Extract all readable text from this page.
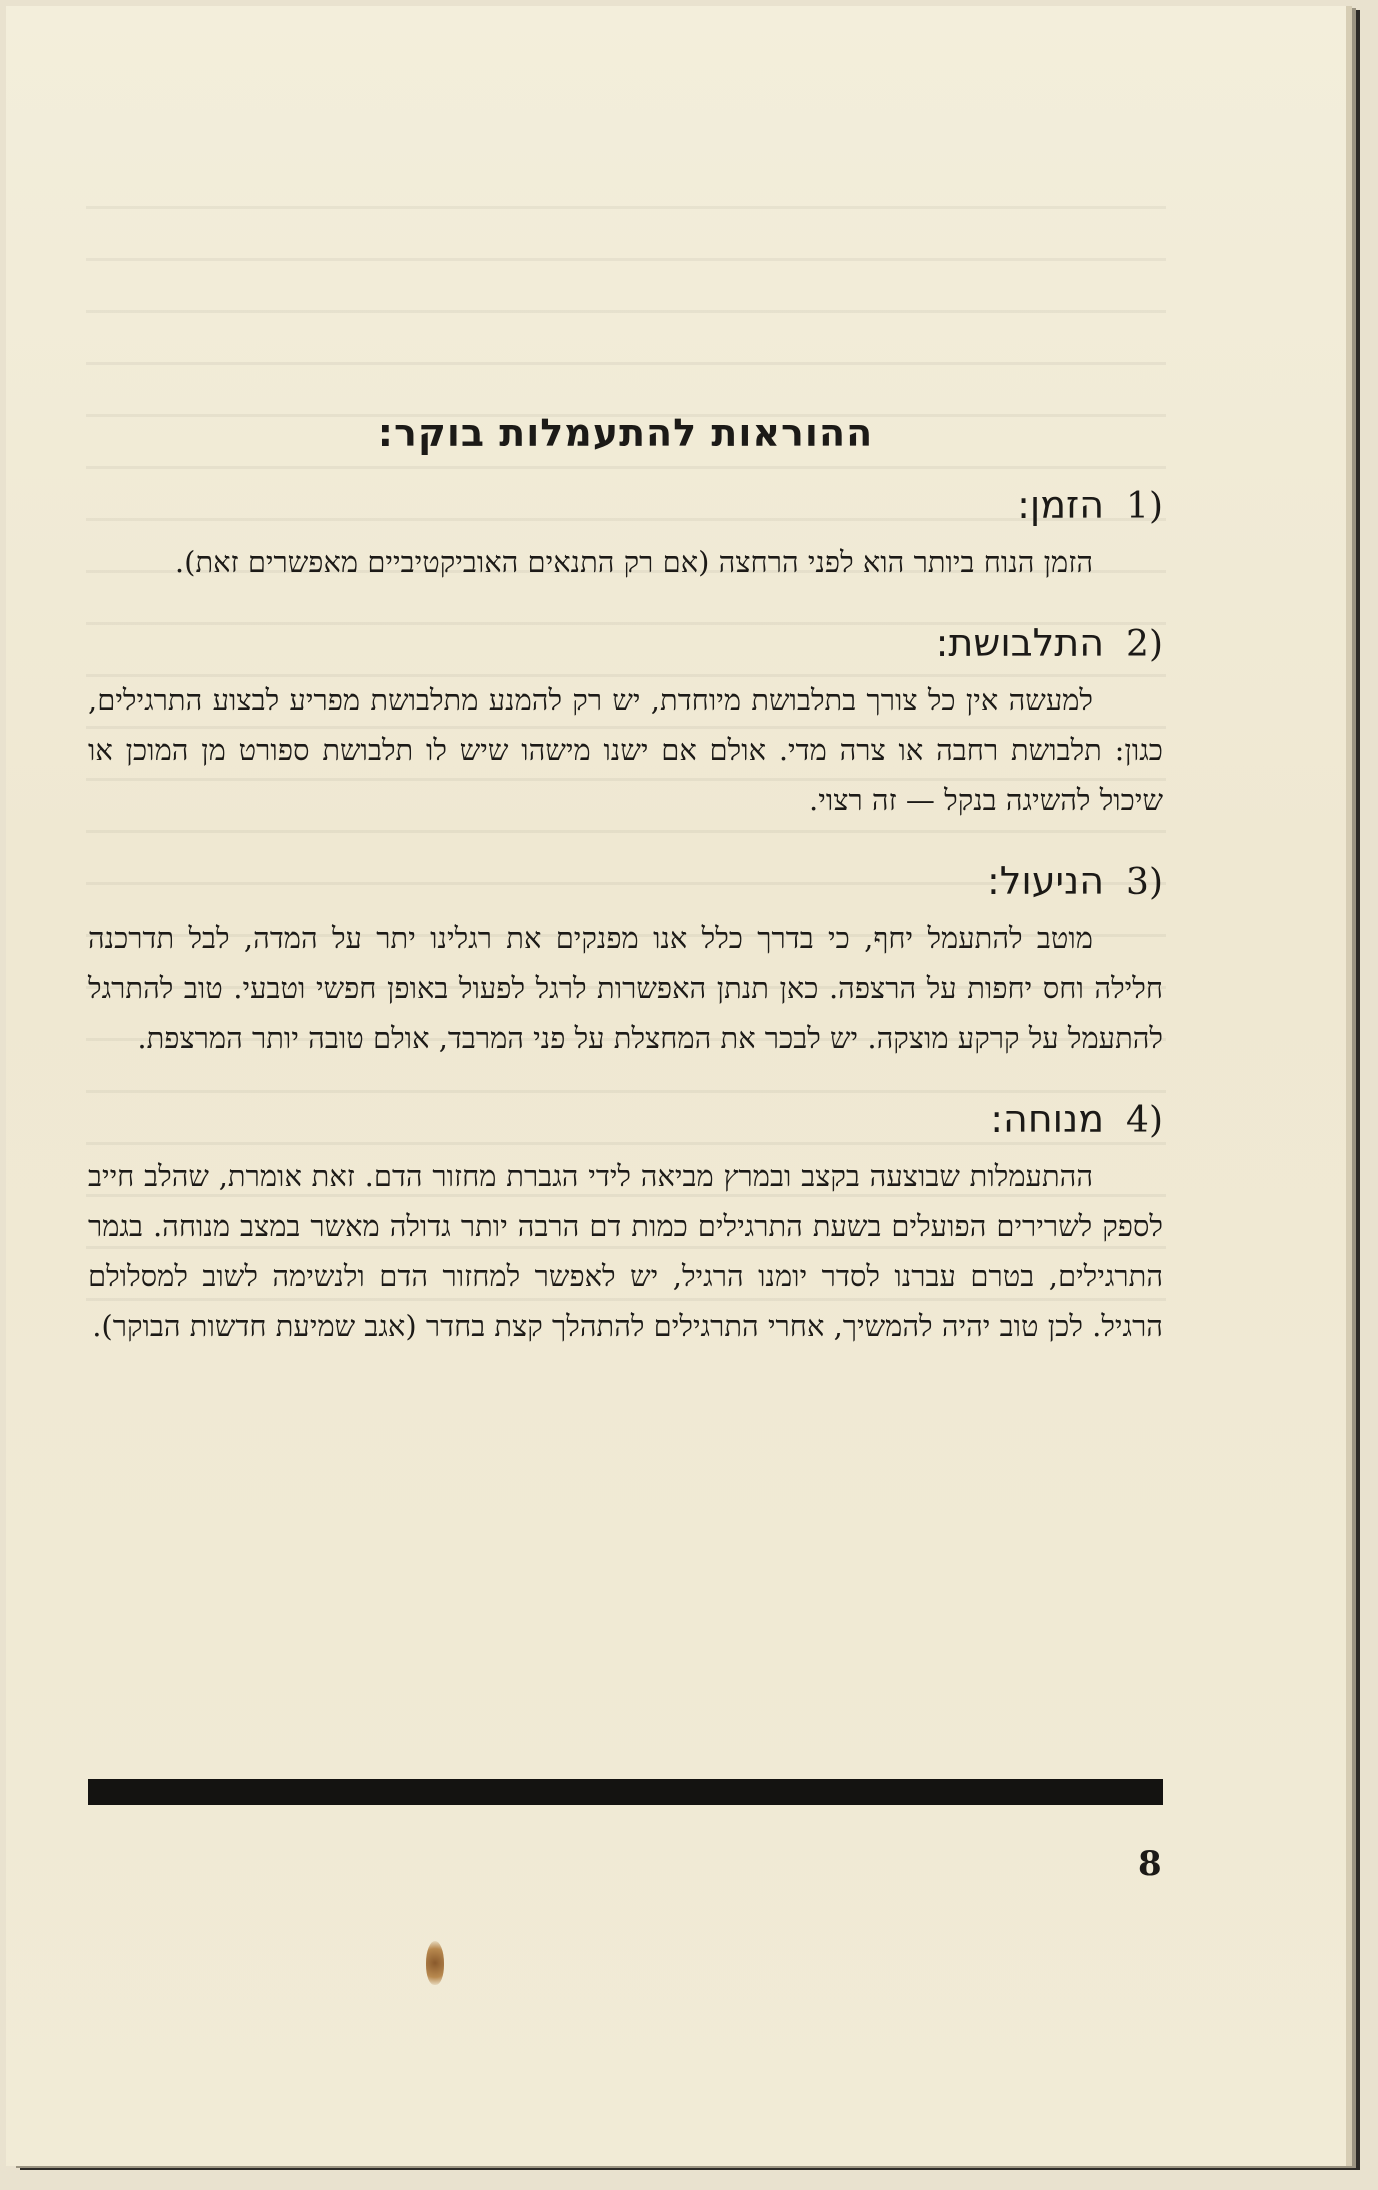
ההוראות להתעמלות בוקר:
(1
הזמן:

הזמן הנוח ביותר הוא לפני הרחצה (אם רק התנאים האוביקטיביים מאפשרים זאת).

(2
התלבושת:

למעשה אין כל צורך בתלבושת מיוחדת, יש רק להמנע מתלבושת מפריע לבצוע התרגילים, כגון: תלבושת רחבה או צרה מדי. אולם אם ישנו מישהו שיש לו תלבושת ספורט מן המוכן או שיכול להשיגה בנקל — זה רצוי.

(3
הניעול:

מוטב להתעמל יחף, כי בדרך כלל אנו מפנקים את רגלינו יתר על המדה, לבל תדרכנה חלילה וחס יחפות על הרצפה. כאן תנתן האפשרות לרגל לפעול באופן חפשי וטבעי. טוב להתרגל להתעמל על קרקע מוצקה. יש לבכר את המחצלת על פני המרבד, אולם טובה יותר המרצפת.

(4
מנוחה:

ההתעמלות שבוצעה בקצב ובמרץ מביאה לידי הגברת מחזור הדם. זאת אומרת, שהלב חייב לספק לשרירים הפועלים בשעת התרגילים כמות דם הרבה יותר גדולה מאשר במצב מנוחה. בגמר התרגילים, בטרם עברנו לסדר יומנו הרגיל, יש לאפשר למחזור הדם ולנשימה לשוב למסלולם הרגיל. לכן טוב יהיה להמשיך, אחרי התרגילים להתהלך קצת בחדר (אגב שמיעת חדשות הבוקר).

8
